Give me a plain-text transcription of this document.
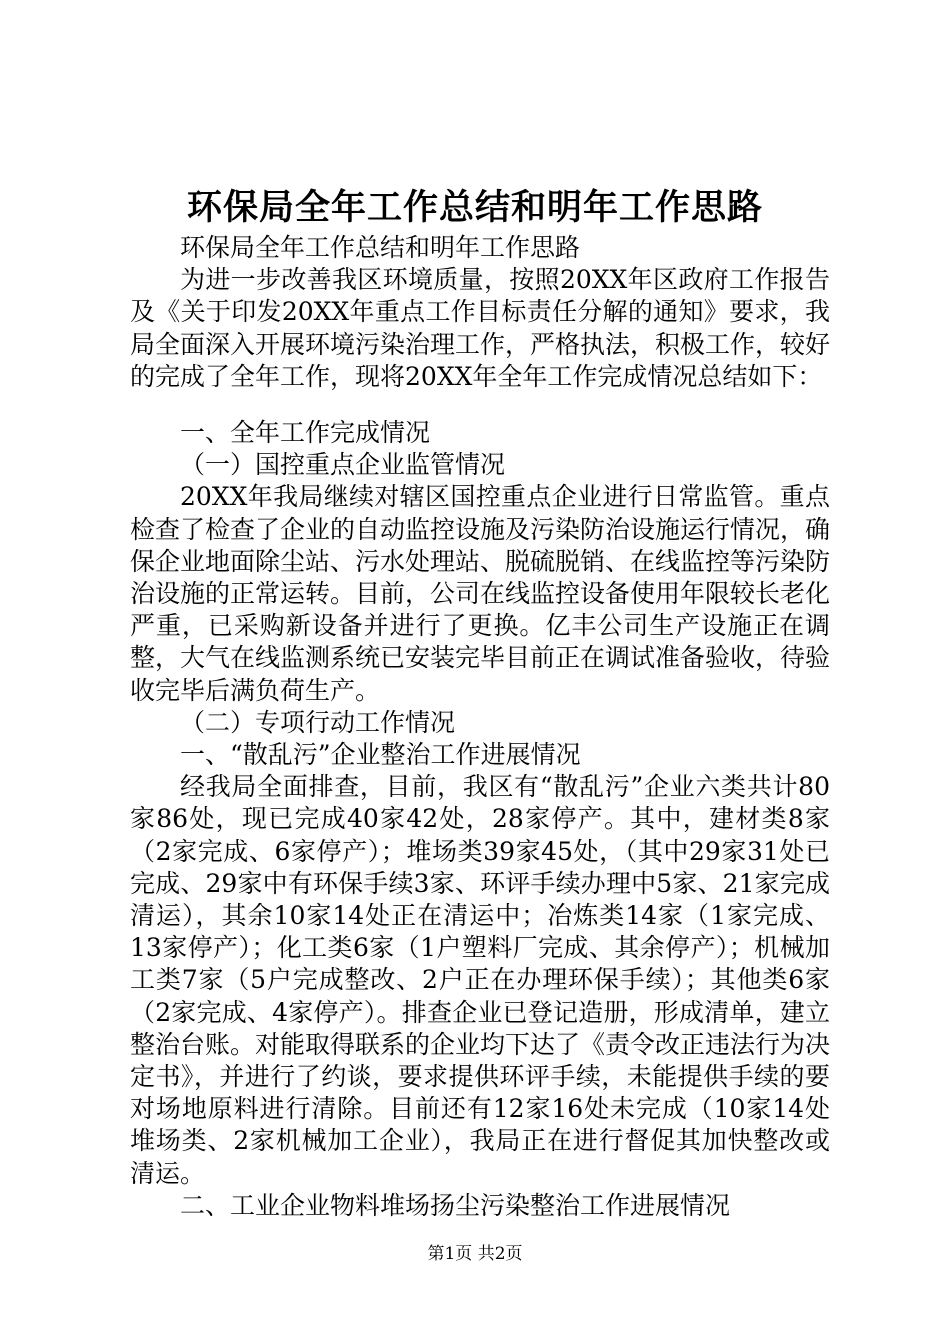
环保局全年工作总结和明年工作思路

环保局全年工作总结和明年工作思路

为进一步改善我区环境质量，按照20XX年区政府工作报告及《关于印发20XX年重点工作目标责任分解的通知》要求，我局全面深入开展环境污染治理工作，严格执法，积极工作，较好的完成了全年工作，现将20XX年全年工作完成情况总结如下：

一、全年工作完成情况

（一）国控重点企业监管情况

20XX年我局继续对辖区国控重点企业进行日常监管。重点检查了检查了企业的自动监控设施及污染防治设施运行情况，确保企业地面除尘站、污水处理站、脱硫脱销、在线监控等污染防治设施的正常运转。目前，公司在线监控设备使用年限较长老化严重，已采购新设备并进行了更换。亿丰公司生产设施正在调整，大气在线监测系统已安装完毕目前正在调试准备验收，待验收完毕后满负荷生产。

（二）专项行动工作情况

一、“散乱污”企业整治工作进展情况

经我局全面排查，目前，我区有“散乱污”企业六类共计80家86处，现已完成40家42处，28家停产。其中，建材类8家（2家完成、6家停产）；堆场类39家45处，（其中29家31处已完成、29家中有环保手续3家、环评手续办理中5家、21家完成清运），其余10家14处正在清运中；冶炼类14家（1家完成、13家停产）；化工类6家（1户塑料厂完成、其余停产）；机械加工类7家（5户完成整改、2户正在办理环保手续）；其他类6家（2家完成、4家停产）。排查企业已登记造册，形成清单，建立整治台账。对能取得联系的企业均下达了《责令改正违法行为决定书》，并进行了约谈，要求提供环评手续，未能提供手续的要对场地原料进行清除。目前还有12家16处未完成（10家14处堆场类、2家机械加工企业），我局正在进行督促其加快整改或清运。

二、工业企业物料堆场扬尘污染整治工作进展情况

第1页 共2页
